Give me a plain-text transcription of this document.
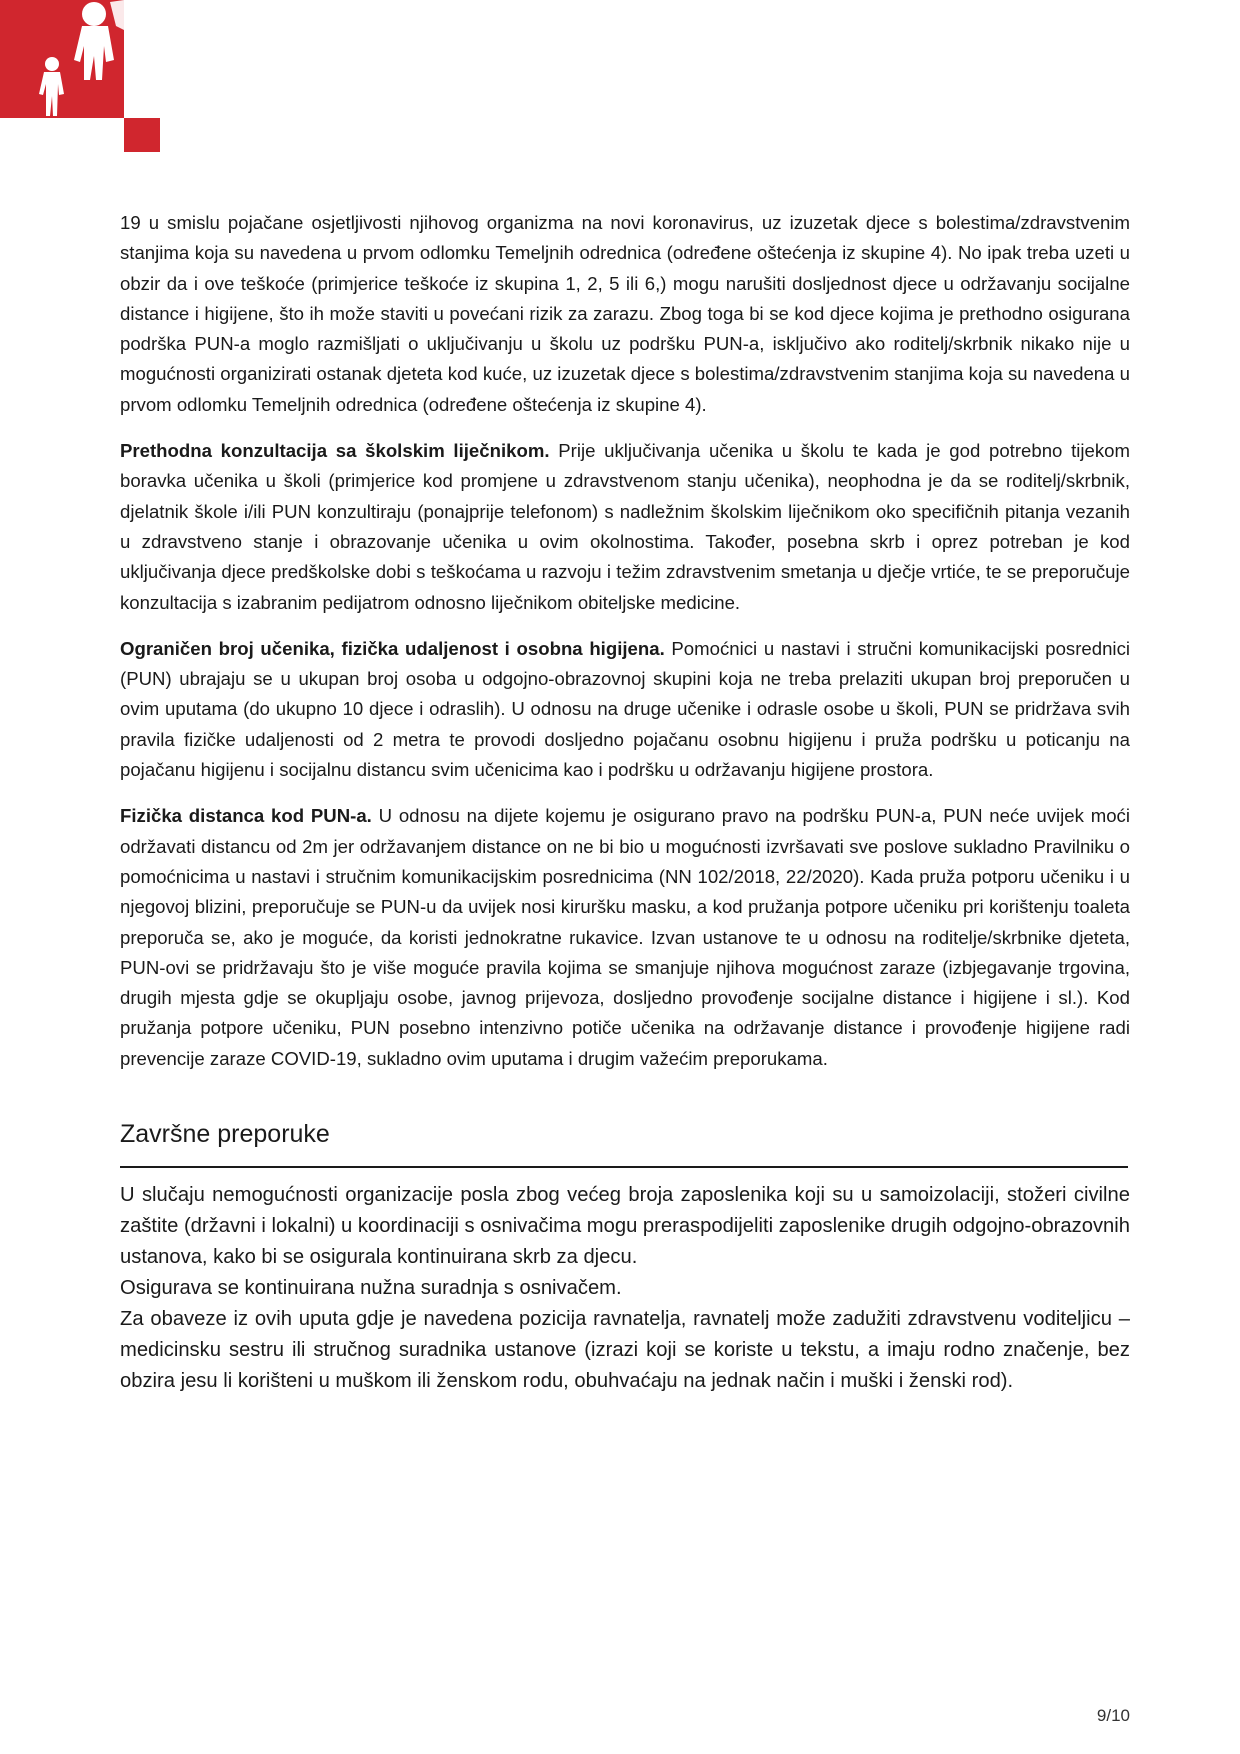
19 u smislu pojačane osjetljivosti njihovog organizma na novi koronavirus, uz izuzetak djece s bolestima/zdravstvenim stanjima koja su navedena u prvom odlomku Temeljnih odrednica (određene oštećenja iz skupine 4). No ipak treba uzeti u obzir da i ove teškoće (primjerice teškoće iz skupina 1, 2, 5 ili 6,) mogu narušiti dosljednost djece u održavanju socijalne distance i higijene, što ih može staviti u povećani rizik za zarazu. Zbog toga bi se kod djece kojima je prethodno osigurana podrška PUN-a moglo razmišljati o uključivanju u školu uz podršku PUN-a, isključivo ako roditelj/skrbnik nikako nije u mogućnosti organizirati ostanak djeteta kod kuće, uz izuzetak djece s bolestima/zdravstvenim stanjima koja su navedena u prvom odlomku Temeljnih odrednica (određene oštećenja iz skupine 4).

Prethodna konzultacija sa školskim liječnikom. Prije uključivanja učenika u školu te kada je god potrebno tijekom boravka učenika u školi (primjerice kod promjene u zdravstvenom stanju učenika), neophodna je da se roditelj/skrbnik, djelatnik škole i/ili PUN konzultiraju (ponajprije telefonom) s nadležnim školskim liječnikom oko specifičnih pitanja vezanih u zdravstveno stanje i obrazovanje učenika u ovim okolnostima. Također, posebna skrb i oprez potreban je kod uključivanja djece predškolske dobi s teškoćama u razvoju i težim zdravstvenim smetanja u dječje vrtiće, te se preporučuje konzultacija s izabranim pedijatrom odnosno liječnikom obiteljske medicine.

Ograničen broj učenika, fizička udaljenost i osobna higijena. Pomoćnici u nastavi i stručni komunikacijski posrednici (PUN) ubrajaju se u ukupan broj osoba u odgojno-obrazovnoj skupini koja ne treba prelaziti ukupan broj preporučen u ovim uputama (do ukupno 10 djece i odraslih). U odnosu na druge učenike i odrasle osobe u školi, PUN se pridržava svih pravila fizičke udaljenosti od 2 metra te provodi dosljedno pojačanu osobnu higijenu i pruža podršku u poticanju na pojačanu higijenu i socijalnu distancu svim učenicima kao i podršku u održavanju higijene prostora.

Fizička distanca kod PUN-a. U odnosu na dijete kojemu je osigurano pravo na podršku PUN-a, PUN neće uvijek moći održavati distancu od 2m jer održavanjem distance on ne bi bio u mogućnosti izvršavati sve poslove sukladno Pravilniku o pomoćnicima u nastavi i stručnim komunikacijskim posrednicima (NN 102/2018, 22/2020). Kada pruža potporu učeniku i u njegovoj blizini, preporučuje se PUN-u da uvijek nosi kiruršku masku, a kod pružanja potpore učeniku pri korištenju toaleta preporuča se, ako je moguće, da koristi jednokratne rukavice. Izvan ustanove te u odnosu na roditelje/skrbnike djeteta, PUN-ovi se pridržavaju što je više moguće pravila kojima se smanjuje njihova mogućnost zaraze (izbjegavanje trgovina, drugih mjesta gdje se okupljaju osobe, javnog prijevoza, dosljedno provođenje socijalne distance i higijene i sl.). Kod pružanja potpore učeniku, PUN posebno intenzivno potiče učenika na održavanje distance i provođenje higijene radi prevencije zaraze COVID-19, sukladno ovim uputama i drugim važećim preporukama.

Završne preporuke

U slučaju nemogućnosti organizacije posla zbog većeg broja zaposlenika koji su u samoizolaciji, stožeri civilne zaštite (državni i lokalni) u koordinaciji s osnivačima mogu preraspodijeliti zaposlenike drugih odgojno-obrazovnih ustanova, kako bi se osigurala kontinuirana skrb za djecu.

Osigurava se kontinuirana nužna suradnja s osnivačem.

Za obaveze iz ovih uputa gdje je navedena pozicija ravnatelja, ravnatelj može zadužiti zdravstvenu voditeljicu – medicinsku sestru ili stručnog suradnika ustanove (izrazi koji se koriste u tekstu, a imaju rodno značenje, bez obzira jesu li korišteni u muškom ili ženskom rodu, obuhvaćaju na jednak način i muški i ženski rod).

9/10
